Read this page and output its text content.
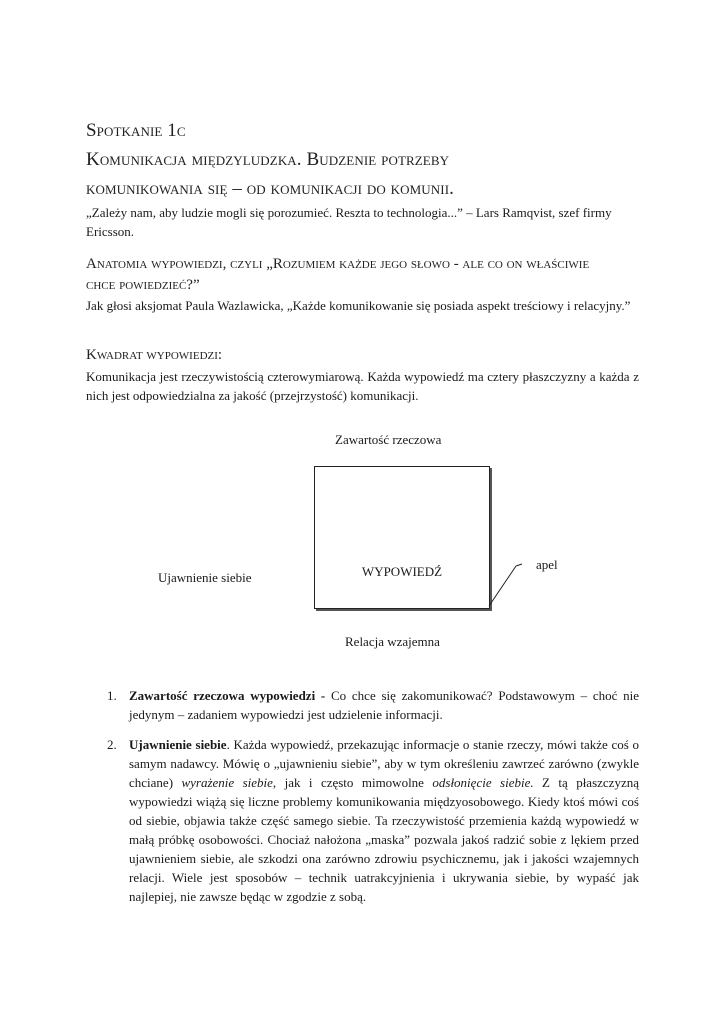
Spotkanie 1c
Komunikacja międzyludzka. Budzenie potrzeby
komunikowania się – od komunikacji do komunii.

„Zależy nam, aby ludzie mogli się porozumieć. Reszta to technologia...” – Lars Ramqvist, szef firmy Ericsson.

Anatomia wypowiedzi, czyli „Rozumiem każde jego słowo - ale co on właściwie
chce powiedzieć?”

Jak głosi aksjomat Paula Wazlawicka, „Każde komunikowanie się posiada aspekt treściowy i relacyjny.”

Kwadrat wypowiedzi:

Komunikacja jest rzeczywistością czterowymiarową. Każda wypowiedź ma cztery płaszczyzny a każda z nich jest odpowiedzialna za jakość (przejrzystość) komunikacji.

Zawartość rzeczowa
WYPOWIEDŹ
Ujawnienie siebie
apel
Relacja wzajemna
1. Zawartość rzeczowa wypowiedzi - Co chce się zakomunikować? Podstawowym – choć nie jedynym – zadaniem wypowiedzi jest udzielenie informacji.
2. Ujawnienie siebie. Każda wypowiedź, przekazując informacje o stanie rzeczy, mówi także coś o samym nadawcy. Mówię o „ujawnieniu siebie”, aby w tym określeniu zawrzeć zarówno (zwykle chciane) wyrażenie siebie, jak i często mimowolne odsłonięcie siebie. Z tą płaszczyzną wypowiedzi wiążą się liczne problemy komunikowania międzyosobowego. Kiedy ktoś mówi coś od siebie, objawia także część samego siebie. Ta rzeczywistość przemienia każdą wypowiedź w małą próbkę osobowości. Chociaż nałożona „maska” pozwala jakoś radzić sobie z lękiem przed ujawnieniem siebie, ale szkodzi ona zarówno zdrowiu psychicznemu, jak i jakości wzajemnych relacji. Wiele jest sposobów – technik uatrakcyjnienia i ukrywania siebie, by wypaść jak najlepiej, nie zawsze będąc w zgodzie z sobą.
